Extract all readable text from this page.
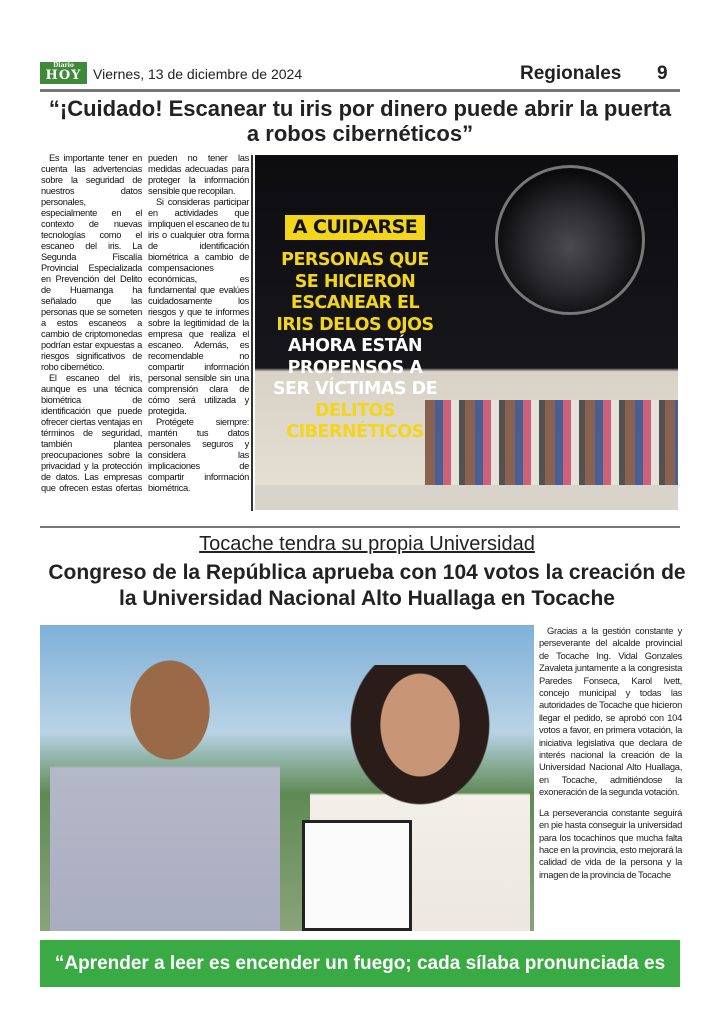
Diario
HOY Viernes, 13 de diciembre de 2024	Regionales 9
“¡Cuidado! Escanear tu iris por dinero puede abrir la puerta a robos cibernéticos”

Es importante tener en cuenta las advertencias sobre la seguridad de nuestros datos personales, especialmente en el contexto de nuevas tecnologías como el escaneo del iris. La Segunda Fiscalía Provincial Especializada en Prevención del Delito de Huamanga ha señalado que las personas que se someten a estos escaneos a cambio de criptomonedas podrían estar expuestas a riesgos significativos de robo cibernético.

El escaneo del iris, aunque es una técnica biométrica de identificación que puede ofrecer ciertas ventajas en términos de seguridad, también plantea preocupaciones sobre la privacidad y la protección de datos. Las empresas que ofrecen estas ofertas pueden no tener las medidas adecuadas para proteger la información sensible que recopilan.

Si consideras participar en actividades que impliquen el escaneo de tu iris o cualquier otra forma de identificación biométrica a cambio de compensaciones económicas, es fundamental que evalúes cuidadosamente los riesgos y que te informes sobre la legitimidad de la empresa que realiza el escaneo. Además, es recomendable no compartir información personal sensible sin una comprensión clara de cómo será utilizada y protegida.

Protégete siempre: mantén tus datos personales seguros y considera las implicaciones de compartir información biométrica.

A CUIDARSE
PERSONAS QUE SE HICIERON ESCANEAR EL IRIS DELOS OJOS
AHORA ESTÁN PROPENSOS A SER VÍCTIMAS DE
DELITOS CIBERNÉTICOS
Tocache tendra su propia Universidad
Congreso de la República aprueba con 104 votos la creación de la Universidad Nacional Alto Huallaga en Tocache

Gracias a la gestión constante y perseverante del alcalde provincial de Tocache Ing. Vidal Gonzales Zavaleta juntamente a la congresista Paredes Fonseca, Karol Ivett, concejo municipal y todas las autoridades de Tocache que hicieron llegar el pedido, se aprobó con 104 votos a favor, en primera votación, la iniciativa legislativa que declara de interés nacional la creación de la Universidad Nacional Alto Huallaga, en Tocache, admitiéndose la exoneración de la segunda votación.

La perseverancia constante seguirá en pie hasta conseguir la universidad para los tocachinos que mucha falta hace en la provincia, esto mejorará la calidad de vida de la persona y la imagen de la provincia de Tocache

“Aprender a leer es encender un fuego; cada sílaba pronunciada es una chispa”.
